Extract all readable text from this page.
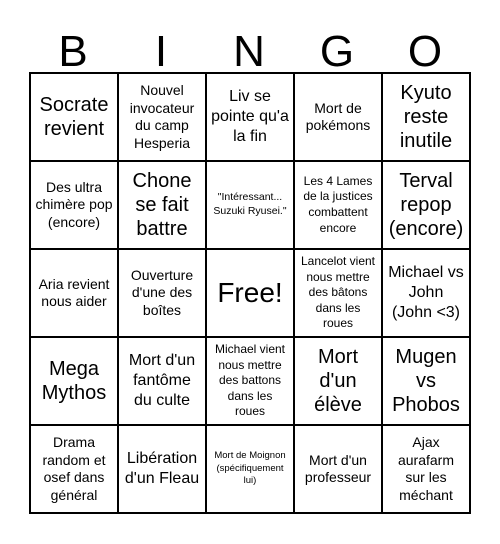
B	I	N	G	O
Socrate revient
Nouvel invocateur du camp Hesperia
Liv se pointe qu'a la fin
Mort de pokémons
Kyuto reste inutile
Des ultra chimère pop (encore)
Chone se fait battre
"Intéressant... Suzuki Ryusei."
Les 4 Lames de la justices combattent encore
Terval repop (encore)
Aria revient nous aider
Ouverture d'une des boîtes
Free!
Lancelot vient nous mettre des bâtons dans les roues
Michael vs John (John <3)
Mega Mythos
Mort d'un fantôme du culte
Michael vient nous mettre des battons dans les roues
Mort d'un élève
Mugen vs Phobos
Drama random et osef dans général
Libération d'un Fleau
Mort de Moignon (spécifiquement lui)
Mort d'un professeur
Ajax aurafarm sur les méchant
